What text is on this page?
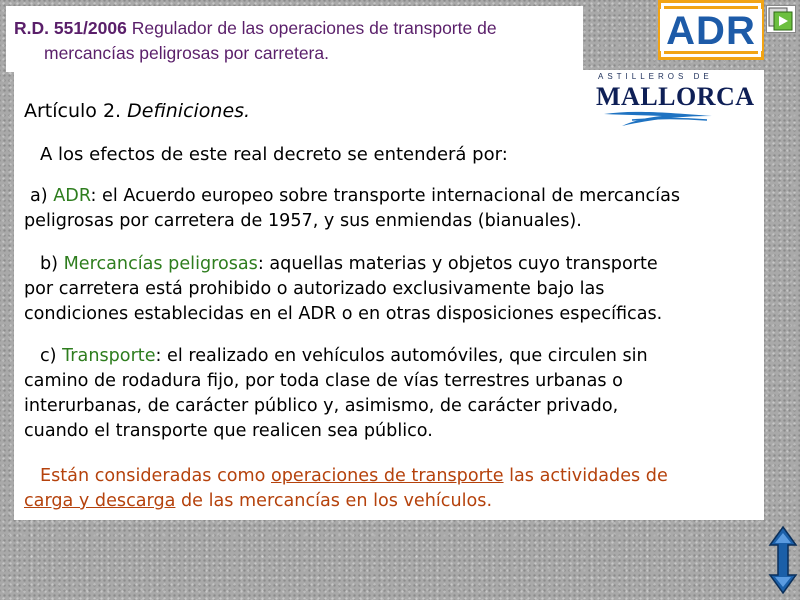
R.D. 551/2006 Regulador de las operaciones de transporte de
mercancías peligrosas por carretera.	ADR
Artículo 2. Definiciones.

A los efectos de este real decreto se entenderá por:

a) ADR: el Acuerdo europeo sobre transporte internacional de mercancías
peligrosas por carretera de 1957, y sus enmiendas (bianuales).
b) Mercancías peligrosas: aquellas materias y objetos cuyo transporte
por carretera está prohibido o autorizado exclusivamente bajo las
condiciones establecidas en el ADR o en otras disposiciones específicas.
c) Transporte: el realizado en vehículos automóviles, que circulen sin
camino de rodadura fijo, por toda clase de vías terrestres urbanas o
interurbanas, de carácter público y, asimismo, de carácter privado,
cuando el transporte que realicen sea público.
Están consideradas como operaciones de transporte las actividades de
carga y descarga de las mercancías en los vehículos.
ASTILLEROS DE
MALLORCA
